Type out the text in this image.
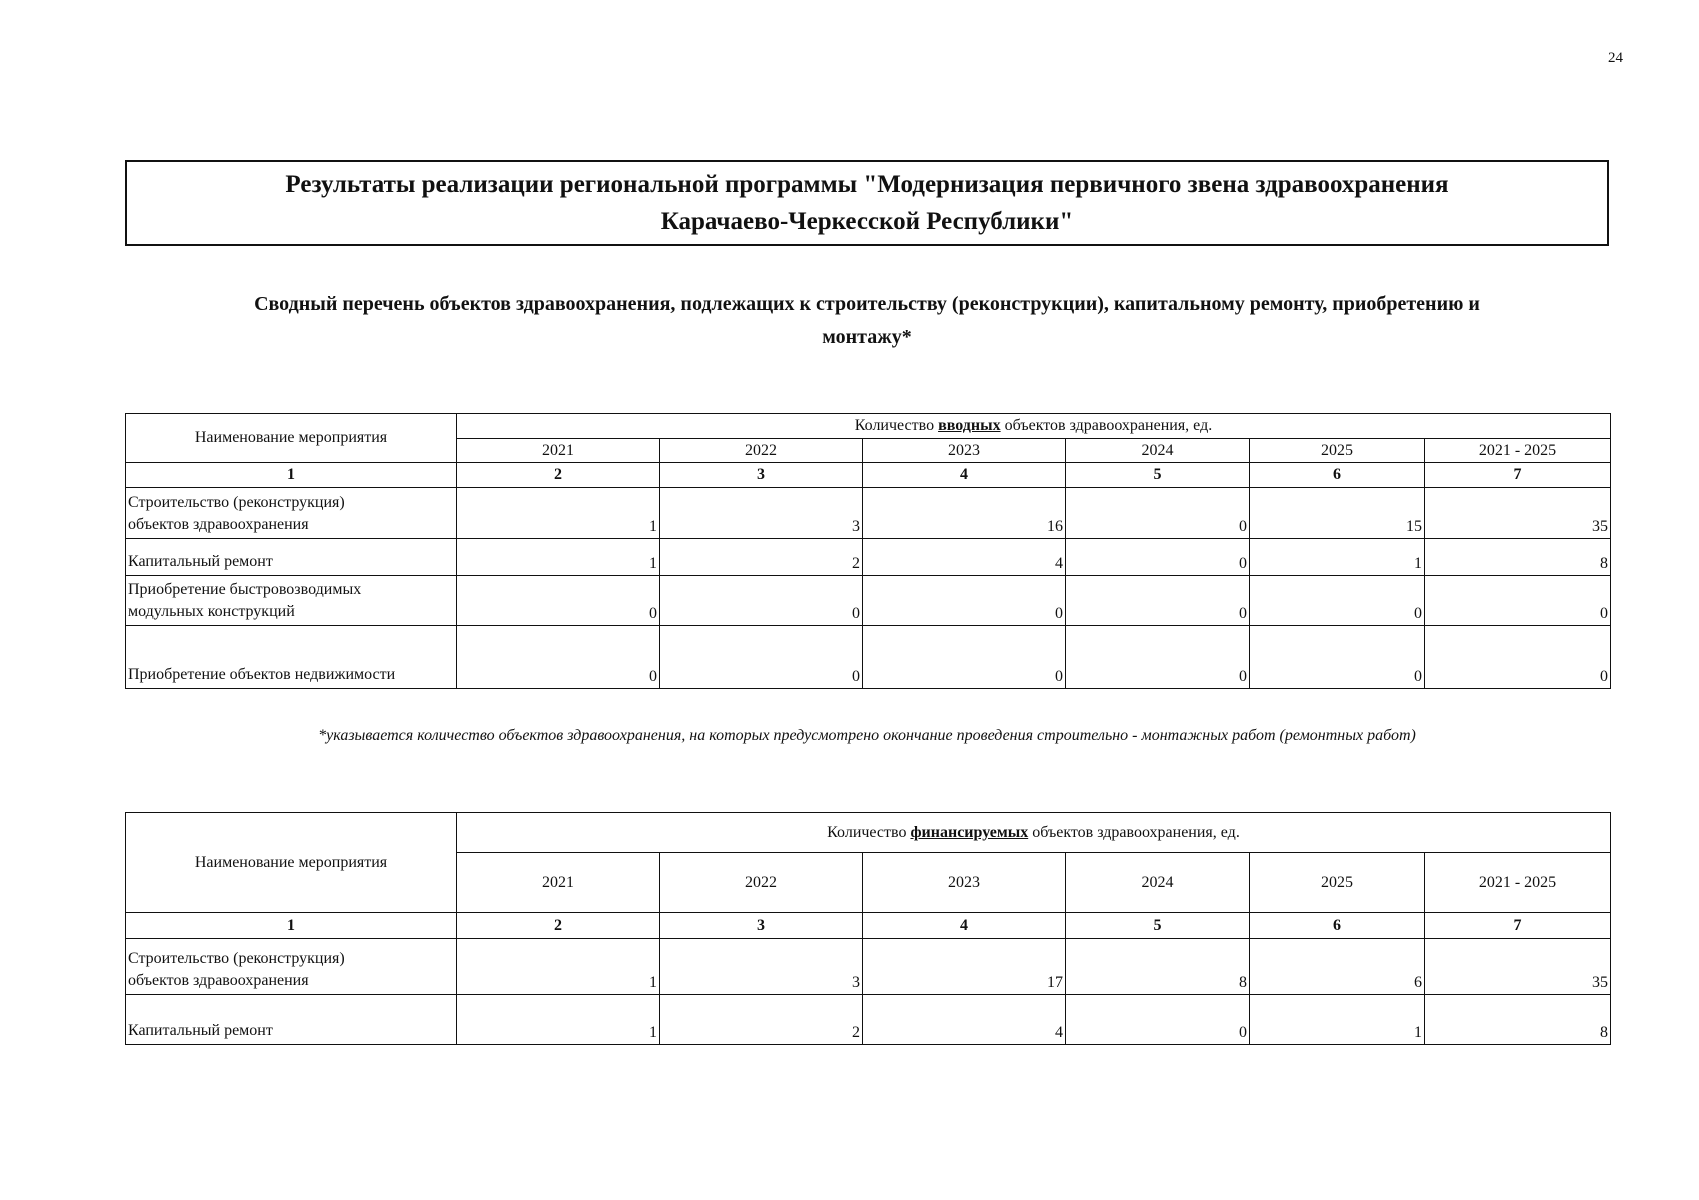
24
Результаты реализации региональной программы "Модернизация первичного звена здравоохранения
Карачаево-Черкесской Республики"
Сводный перечень объектов здравоохранения, подлежащих к строительству (реконструкции), капитальному ремонту, приобретению и
монтажу*
Наименование мероприятия	Количество вводных объектов здравоохранения, ед.					
	2021	2022	2023	2024	2025	2021 - 2025
1	2	3	4	5	6	7

Строительство (реконструкция)
объектов здравоохранения	1	3	16	0	15	35

Капитальный ремонт	1	2	4	0	1	8

Приобретение быстровозводимых
модульных конструкций	0	0	0	0	0	0

Приобретение объектов недвижимости	0	0	0	0	0	0
*указывается количество объектов здравоохранения, на которых предусмотрено окончание проведения строительно - монтажных работ (ремонтных работ)
Наименование мероприятия	Количество финансируемых объектов здравоохранения, ед.					
	2021	2022	2023	2024	2025	2021 - 2025
1	2	3	4	5	6	7

Строительство (реконструкция)
объектов здравоохранения	1	3	17	8	6	35

Капитальный ремонт	1	2	4	0	1	8
